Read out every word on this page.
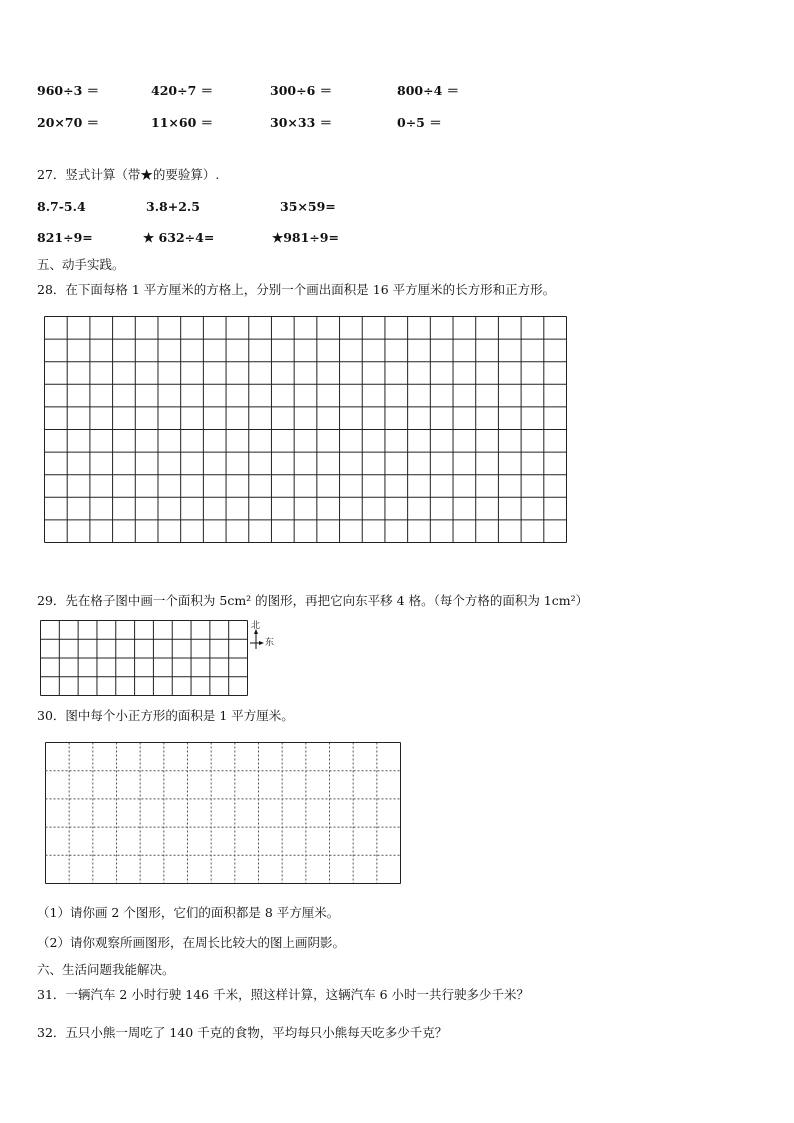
960÷3 ＝	420÷7 ＝	300÷6 ＝	800÷4 ＝
20×70 ＝	11×60 ＝	30×33 ＝	0÷5 ＝
27．竖式计算（带★的要验算）.
8.7-5.4	3.8+2.5	35×59=
821÷9=	★ 632÷4=	★981÷9=
五、动手实践。
28．在下面每格 1 平方厘米的方格上，分别一个画出面积是 16 平方厘米的长方形和正方形。
29．先在格子图中画一个面积为 5cm² 的图形，再把它向东平移 4 格。（每个方格的面积为 1cm²）
北
东
30．图中每个小正方形的面积是 1 平方厘米。
（1）请你画 2 个图形，它们的面积都是 8 平方厘米。
（2）请你观察所画图形，在周长比较大的图上画阴影。
六、生活问题我能解决。
31．一辆汽车 2 小时行驶 146 千米，照这样计算，这辆汽车 6 小时一共行驶多少千米？
32．五只小熊一周吃了 140 千克的食物，平均每只小熊每天吃多少千克？
